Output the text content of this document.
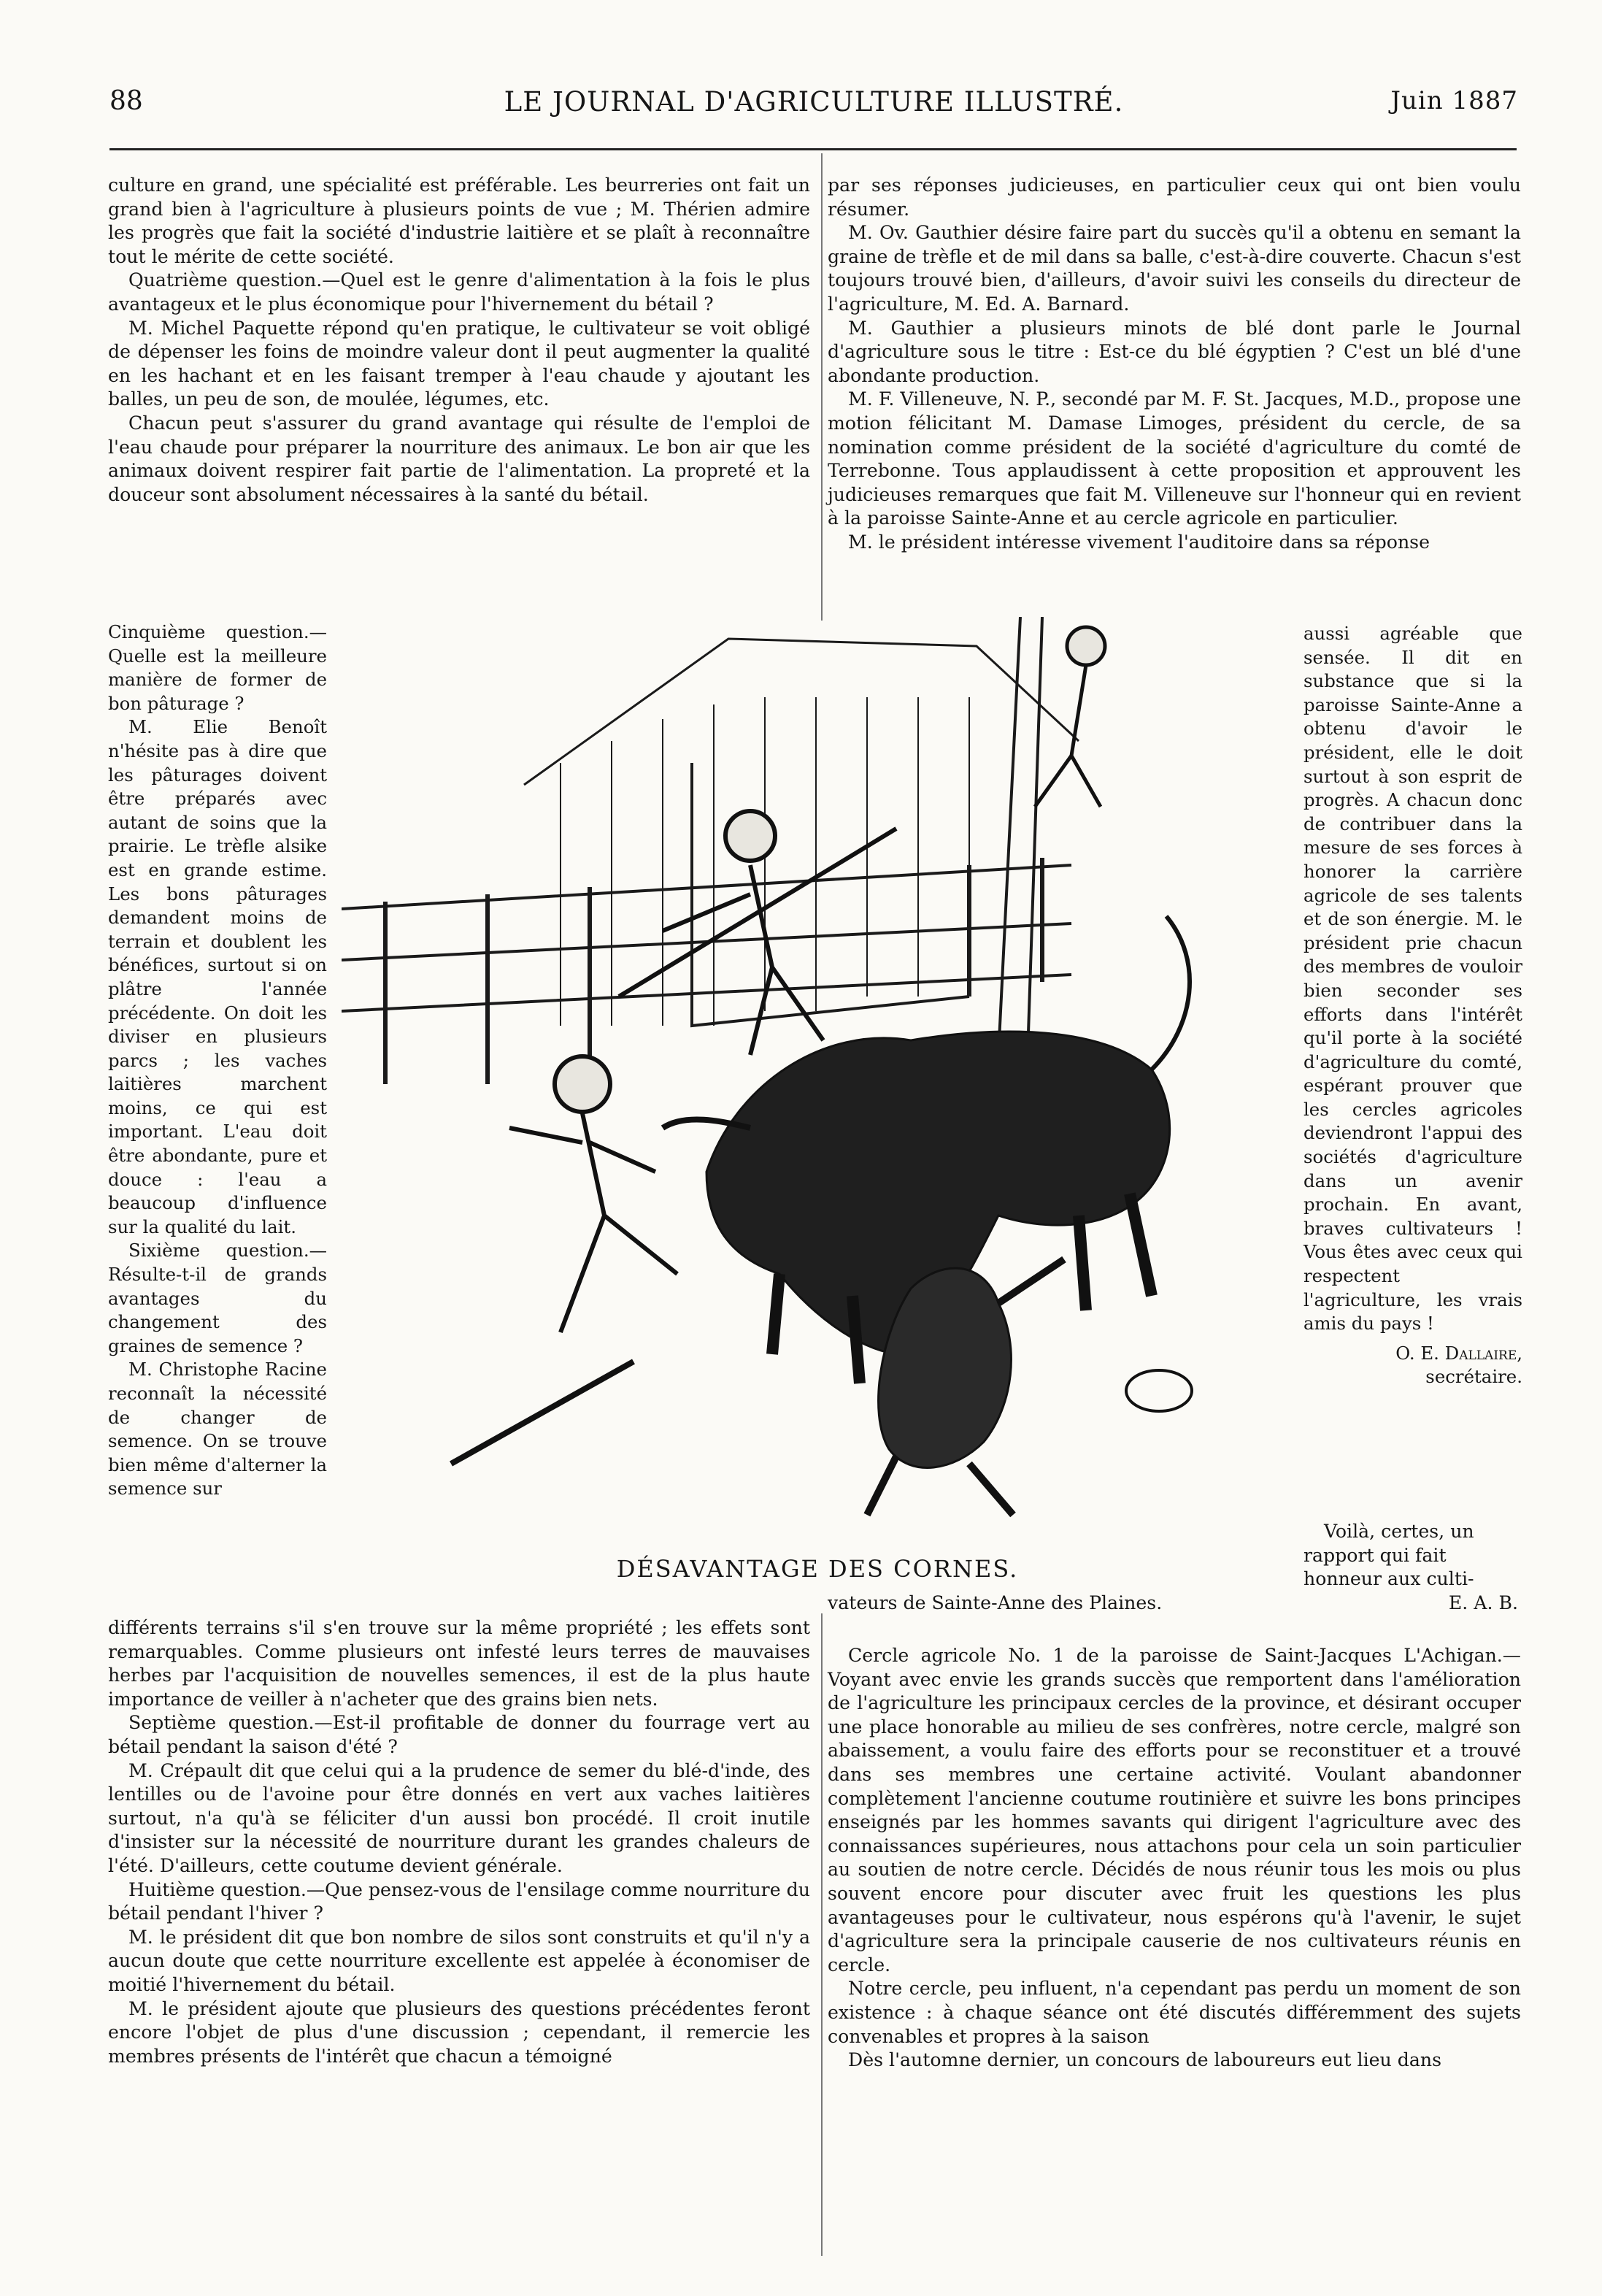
88	LE JOURNAL D'AGRICULTURE ILLUSTRÉ.	Juin 1887

culture en grand, une spécialité est préférable. Les beurreries ont fait un grand bien à l'agriculture à plusieurs points de vue ; M. Thérien admire les progrès que fait la société d'industrie laitière et se plaît à reconnaître tout le mérite de cette société.

Quatrième question.—Quel est le genre d'alimentation à la fois le plus avantageux et le plus économique pour l'hivernement du bétail ?

M. Michel Paquette répond qu'en pratique, le cultivateur se voit obligé de dépenser les foins de moindre valeur dont il peut augmenter la qualité en les hachant et en les faisant tremper à l'eau chaude y ajoutant les balles, un peu de son, de moulée, légumes, etc.

Chacun peut s'assurer du grand avantage qui résulte de l'emploi de l'eau chaude pour préparer la nourriture des animaux. Le bon air que les animaux doivent respirer fait partie de l'alimentation. La propreté et la douceur sont absolument nécessaires à la santé du bétail.

par ses réponses judicieuses, en particulier ceux qui ont bien voulu résumer.

M. Ov. Gauthier désire faire part du succès qu'il a obtenu en semant la graine de trèfle et de mil dans sa balle, c'est-à-dire couverte. Chacun s'est toujours trouvé bien, d'ailleurs, d'avoir suivi les conseils du directeur de l'agriculture, M. Ed. A. Barnard.

M. Gauthier a plusieurs minots de blé dont parle le Journal d'agriculture sous le titre : Est-ce du blé égyptien ? C'est un blé d'une abondante production.

M. F. Villeneuve, N. P., secondé par M. F. St. Jacques, M.D., propose une motion félicitant M. Damase Limoges, président du cercle, de sa nomination comme président de la société d'agriculture du comté de Terrebonne. Tous applaudissent à cette proposition et approuvent les judicieuses remarques que fait M. Villeneuve sur l'honneur qui en revient à la paroisse Sainte-Anne et au cercle agricole en particulier.

M. le président intéresse vivement l'auditoire dans sa réponse

Cinquième question.—Quelle est la meilleure manière de former de bon pâturage ?

M. Elie Benoît n'hésite pas à dire que les pâturages doivent être préparés avec autant de soins que la prairie. Le trèfle alsike est en grande estime. Les bons pâturages demandent moins de terrain et doublent les bénéfices, surtout si on plâtre l'année précédente. On doit les diviser en plusieurs parcs ; les vaches laitières marchent moins, ce qui est important. L'eau doit être abondante, pure et douce : l'eau a beaucoup d'influence sur la qualité du lait.

Sixième question.—Résulte-t-il de grands avantages du changement des graines de semence ?

M. Christophe Racine reconnaît la nécessité de changer de semence. On se trouve bien même d'alterner la semence sur

aussi agréable que sensée. Il dit en substance que si la paroisse Sainte-Anne a obtenu d'avoir le président, elle le doit surtout à son esprit de progrès. A chacun donc de contribuer dans la mesure de ses forces à honorer la carrière agricole de ses talents et de son énergie. M. le président prie chacun des membres de vouloir bien seconder ses efforts dans l'intérêt qu'il porte à la société d'agriculture du comté, espérant prouver que les cercles agricoles deviendront l'appui des sociétés d'agriculture dans un avenir prochain. En avant, braves cultivateurs ! Vous êtes avec ceux qui respectent l'agriculture, les vrais amis du pays !

O. E. Dallaire,

secrétaire.

Voilà, certes, un
rapport qui fait
honneur aux culti-
vateurs de Sainte-Anne des Plaines.	E. A. B.
DÉSAVANTAGE DES CORNES.

différents terrains s'il s'en trouve sur la même propriété ; les effets sont remarquables. Comme plusieurs ont infesté leurs terres de mauvaises herbes par l'acquisition de nouvelles semences, il est de la plus haute importance de veiller à n'acheter que des grains bien nets.

Septième question.—Est-il profitable de donner du fourrage vert au bétail pendant la saison d'été ?

M. Crépault dit que celui qui a la prudence de semer du blé-d'inde, des lentilles ou de l'avoine pour être donnés en vert aux vaches laitières surtout, n'a qu'à se féliciter d'un aussi bon procédé. Il croit inutile d'insister sur la nécessité de nourriture durant les grandes chaleurs de l'été. D'ailleurs, cette coutume devient générale.

Huitième question.—Que pensez-vous de l'ensilage comme nourriture du bétail pendant l'hiver ?

M. le président dit que bon nombre de silos sont construits et qu'il n'y a aucun doute que cette nourriture excellente est appelée à économiser de moitié l'hivernement du bétail.

M. le président ajoute que plusieurs des questions précédentes feront encore l'objet de plus d'une discussion ; cependant, il remercie les membres présents de l'intérêt que chacun a témoigné

Cercle agricole No. 1 de la paroisse de Saint-Jacques L'Achigan.—Voyant avec envie les grands succès que remportent dans l'amélioration de l'agriculture les principaux cercles de la province, et désirant occuper une place honorable au milieu de ses confrères, notre cercle, malgré son abaissement, a voulu faire des efforts pour se reconstituer et a trouvé dans ses membres une certaine activité. Voulant abandonner complètement l'ancienne coutume routinière et suivre les bons principes enseignés par les hommes savants qui dirigent l'agriculture avec des connaissances supérieures, nous attachons pour cela un soin particulier au soutien de notre cercle. Décidés de nous réunir tous les mois ou plus souvent encore pour discuter avec fruit les questions les plus avantageuses pour le cultivateur, nous espérons qu'à l'avenir, le sujet d'agriculture sera la principale causerie de nos cultivateurs réunis en cercle.

Notre cercle, peu influent, n'a cependant pas perdu un moment de son existence : à chaque séance ont été discutés différemment des sujets convenables et propres à la saison

Dès l'automne dernier, un concours de laboureurs eut lieu dans
